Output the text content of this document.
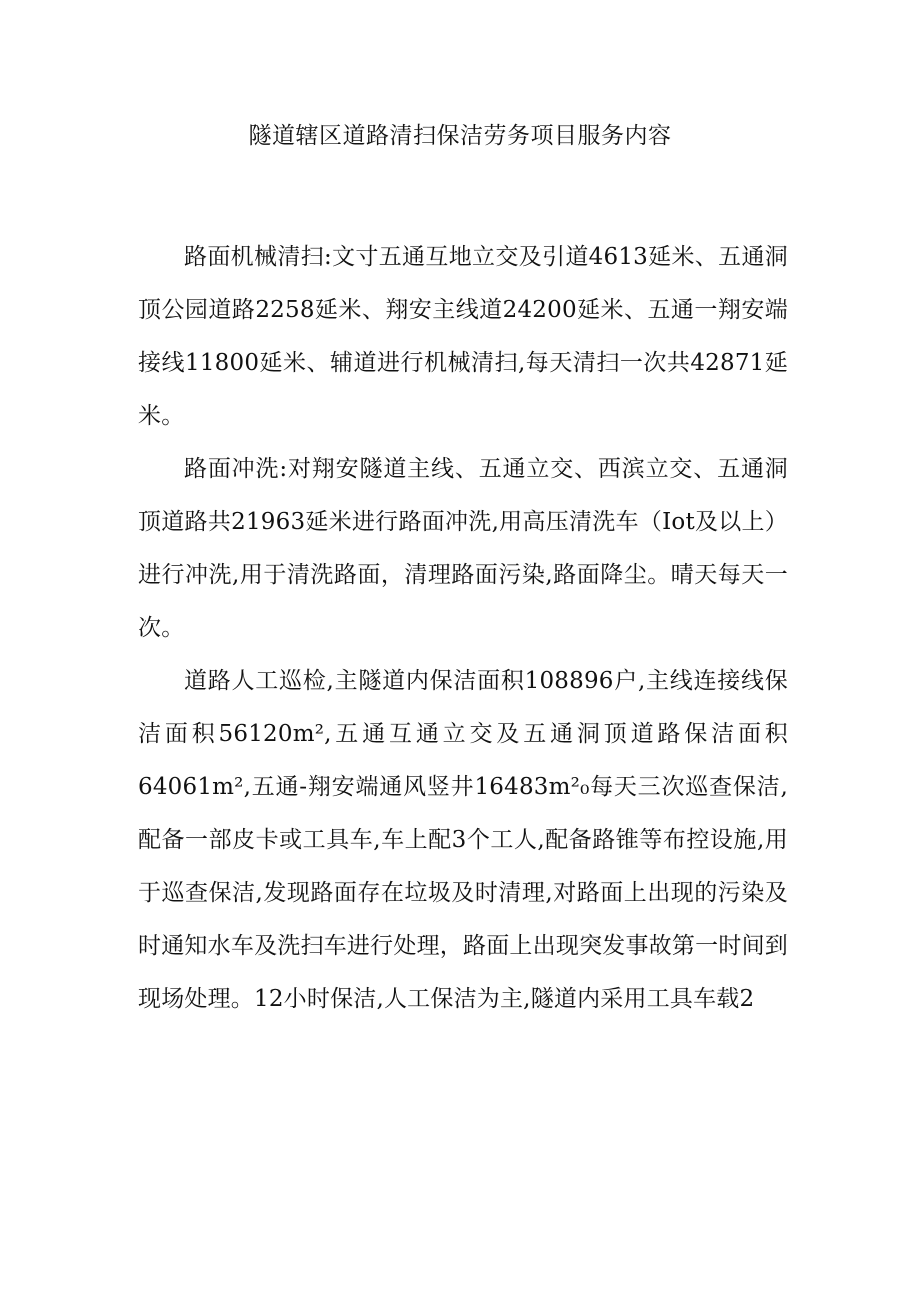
隧道辖区道路清扫保洁劳务项目服务内容

路面机械清扫:文寸五通互地立交及引道4613延米、五通洞顶公园道路2258延米、翔安主线道24200延米、五通一翔安端接线11800延米、辅道进行机械清扫,每天清扫一次共42871延米。

路面冲洗:对翔安隧道主线、五通立交、西滨立交、五通洞顶道路共21963延米进行路面冲洗,用高压清洗车（Iot及以上）进行冲洗,用于清洗路面，清理路面污染,路面降尘。晴天每天一次。

道路人工巡检,主隧道内保洁面积108896户,主线连接线保洁面积56120m²,五通互通立交及五通洞顶道路保洁面积64061m²,五通-翔安端通风竖井16483m²₀每天三次巡查保洁,配备一部皮卡或工具车,车上配3个工人,配备路锥等布控设施,用于巡查保洁,发现路面存在垃圾及时清理,对路面上出现的污染及时通知水车及洗扫车进行处理，路面上出现突发事故第一时间到现场处理。12小时保洁,人工保洁为主,隧道内采用工具车载2
